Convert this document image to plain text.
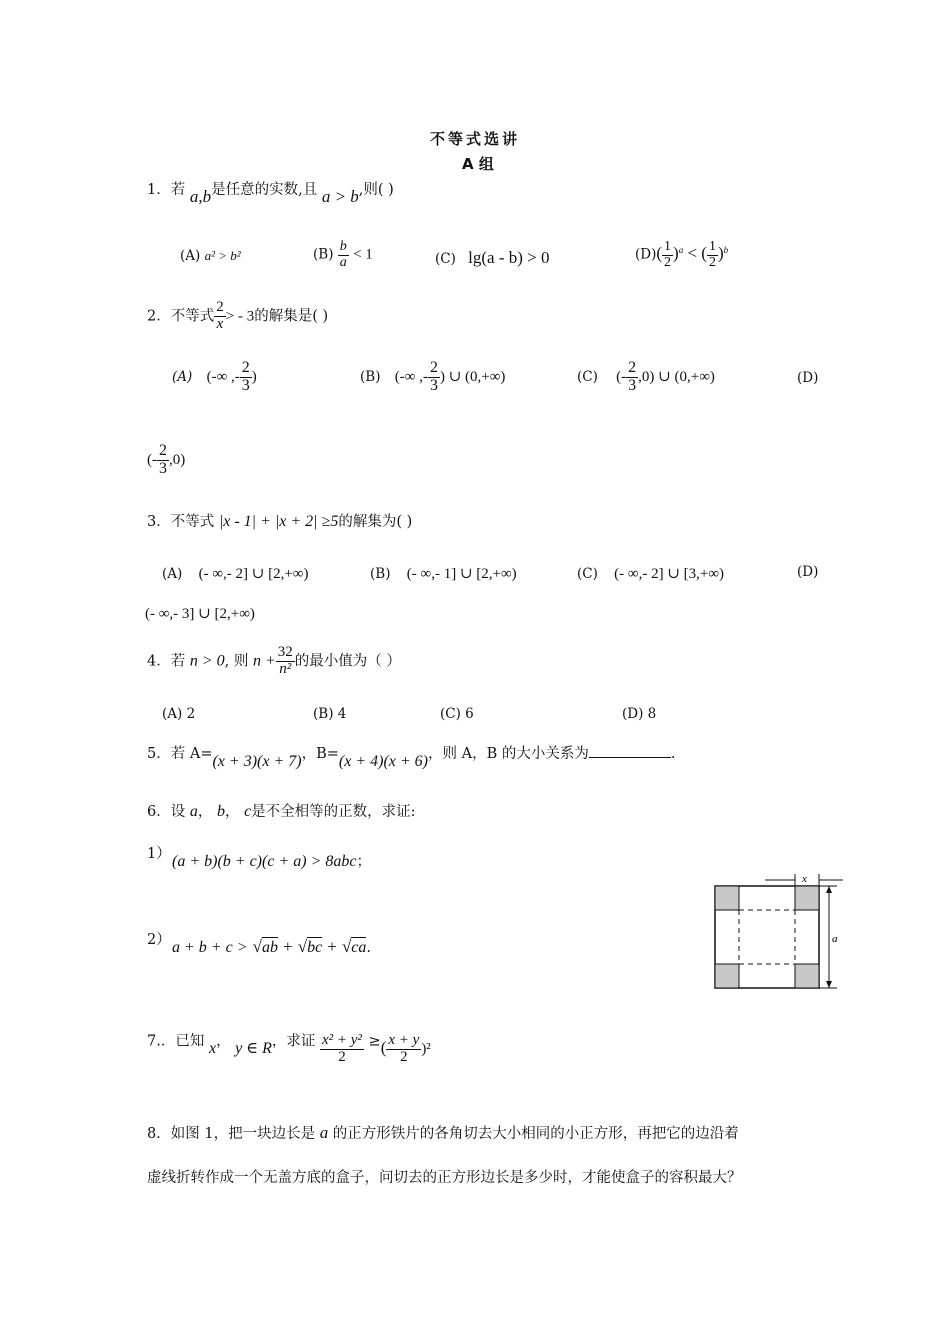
不等式选讲
A 组
1．若 a,b是任意的实数,且 a > b,则( )
(A) a² > b²	$(B) \frac{b}{a} < 1$	(C) lg(a - b) > 0	$(D)( \frac{1}{2} )^a$ < ( $\frac{1}{2} )^b$
2．不等式 $\frac{2}{x}$ > - 3的解集是( )
(A) (-∞ ,- $\frac{2}{3}$ )	(B) (-∞ ,- $\frac{2}{3}$ ) ∪ (0,+∞)	(C) (- $\frac{2}{3} ,0$) ∪ (0,+∞)	(D)
(- $\frac{2}{3} ,0$)
3．不等式 |x - 1| + |x + 2| ≥5的解集为( )
(A) (- ∞,- 2] ∪ [2,+∞)	(B) (- ∞,- 1] ∪ [2,+∞)	(C) (- ∞,- 2] ∪ [3,+∞)	(D)
(- ∞,- 3] ∪ [2,+∞)
4．若 n > 0, 则 $n + \frac{32}{\text{n²}}$ 的最小值为（ ）
(A) 2	(B) 4	(C) 6	(D) 8
5．若 A=(x + 3)(x + 7)，B=(x + 4)(x + 6)，则 A，B 的大小关系为	.
6．设 a， b， c是不全相等的正数，求证:
1） (a + b)(b + c)(c + a) > 8abc；
2） a + b + c > √ab + √bc + √ca.
x
a
7.．已知 x， y ∈ R，求证 $\frac{\text{x² + y²}}{2}$ ≥( $\frac{x + y}{2} )^2$
8．如图 1，把一块边长是 a 的正方形铁片的各角切去大小相同的小正方形，再把它的边沿着
虚线折转作成一个无盖方底的盒子，问切去的正方形边长是多少时，才能使盒子的容积最大？
